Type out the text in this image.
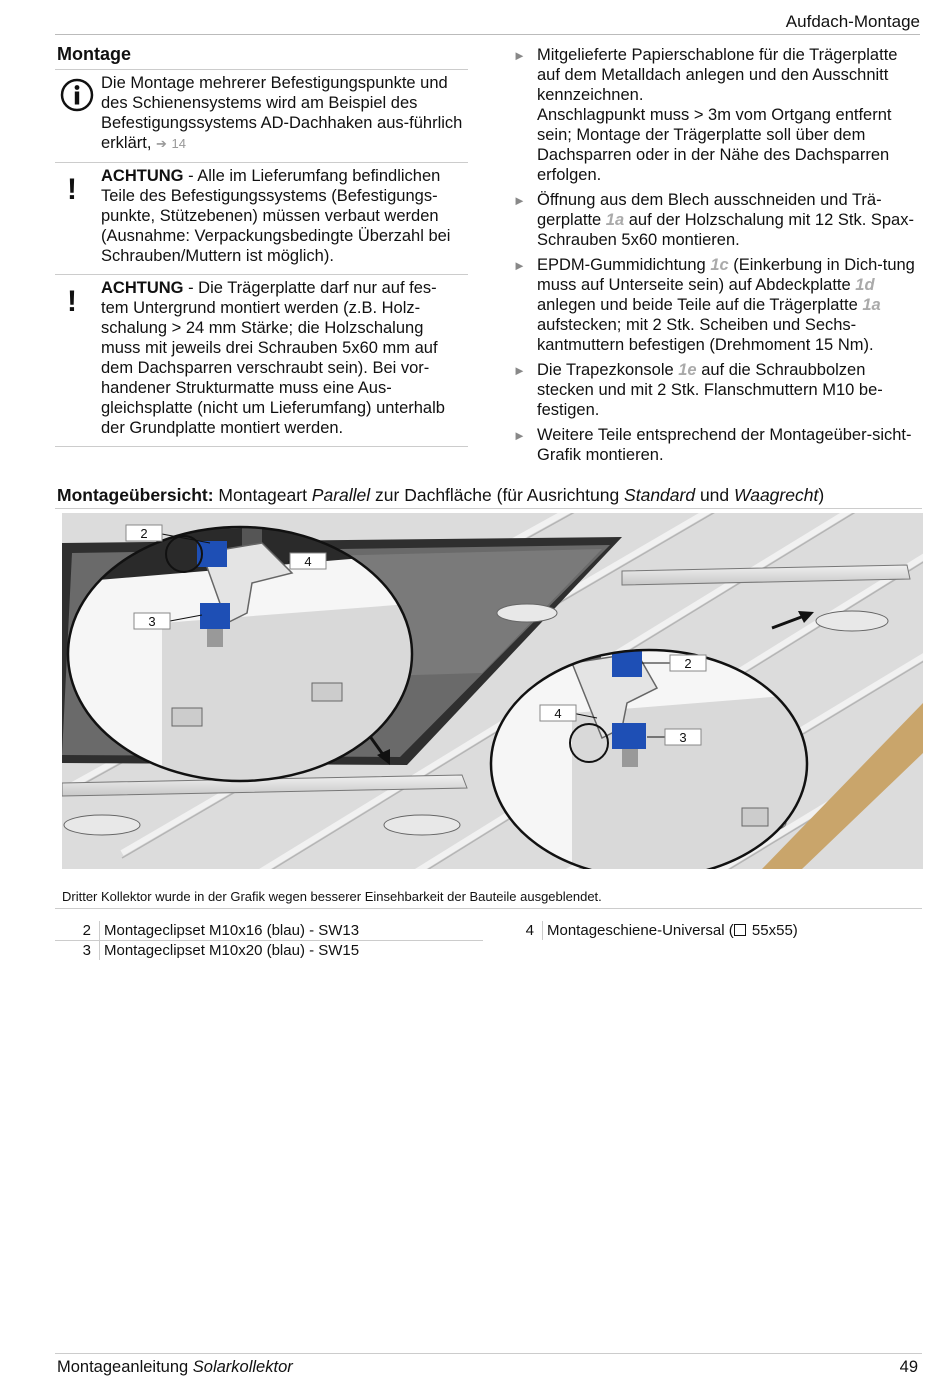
Aufdach-Montage
Montage
Die Montage mehrerer Befestigungspunkte und des Schienensystems wird am Beispiel des Befestigungssystems AD-Dachhaken aus-führlich erklärt, ➔ 14
! ACHTUNG - Alle im Lieferumfang befindlichen Teile des Befestigungssystems (Befestigungs-punkte, Stützebenen) müssen verbaut werden (Ausnahme: Verpackungsbedingte Überzahl bei Schrauben/Muttern ist möglich).
! ACHTUNG - Die Trägerplatte darf nur auf fes-tem Untergrund montiert werden (z.B. Holz-schalung > 24 mm Stärke; die Holzschalung muss mit jeweils drei Schrauben 5x60 mm auf dem Dachsparren verschraubt sein). Bei vor-handener Strukturmatte muss eine Aus-gleichsplatte (nicht um Lieferumfang) unterhalb der Grundplatte montiert werden.
► Mitgelieferte Papierschablone für die Trägerplatte auf dem Metalldach anlegen und den Ausschnitt kennzeichnen.
Anschlagpunkt muss > 3m vom Ortgang entfernt sein; Montage der Trägerplatte soll über dem Dachsparren oder in der Nähe des Dachsparren erfolgen.
► Öffnung aus dem Blech ausschneiden und Trä-gerplatte 1a auf der Holzschalung mit 12 Stk. Spax-Schrauben 5x60 montieren.
► EPDM-Gummidichtung 1c (Einkerbung in Dich-tung muss auf Unterseite sein) auf Abdeckplatte 1d anlegen und beide Teile auf die Trägerplatte 1a aufstecken; mit 2 Stk. Scheiben und Sechs-kantmuttern befestigen (Drehmoment 15 Nm).
► Die Trapezkonsole 1e auf die Schraubbolzen stecken und mit 2 Stk. Flanschmuttern M10 be-festigen.
► Weitere Teile entsprechend der Montageüber-sicht-Grafik montieren.
Montageübersicht: Montageart Parallel zur Dachfläche (für Ausrichtung Standard und Waagrecht)
2
4
3
2
4
3
Dritter Kollektor wurde in der Grafik wegen besserer Einsehbarkeit der Bauteile ausgeblendet.
2 Montageclipset M10x16 (blau) - SW13
3 Montageclipset M10x20 (blau) - SW15
4 Montageschiene-Universal ( 55x55)
Montageanleitung Solarkollektor	49
